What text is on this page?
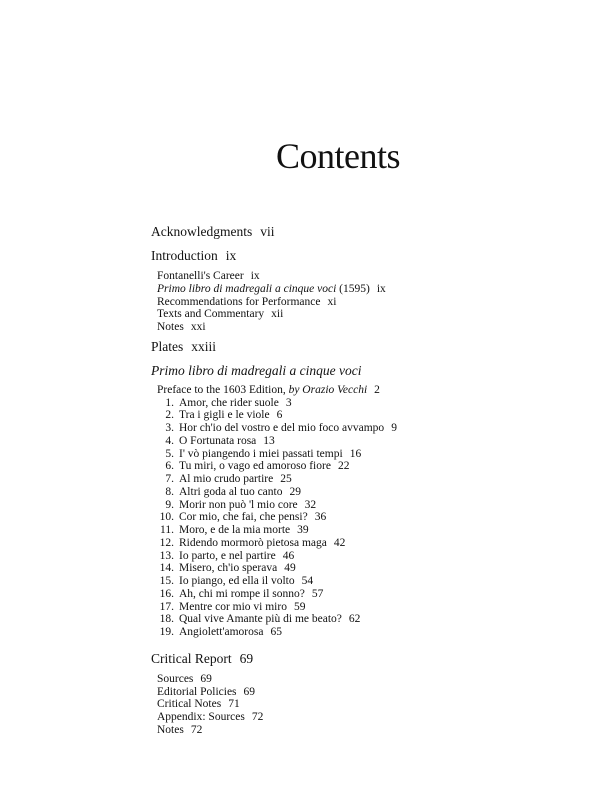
Contents
Acknowledgments vii
Introduction ix
Fontanelli's Career ix
Primo libro di madregali a cinque voci (1595) ix
Recommendations for Performance xi
Texts and Commentary xii
Notes xxi
Plates xxiii
Primo libro di madregali a cinque voci
Preface to the 1603 Edition, by Orazio Vecchi 2
1. Amor, che rider suole 3
2. Tra i gigli e le viole 6
3. Hor ch'io del vostro e del mio foco avvampo 9
4. O Fortunata rosa 13
5. I' vò piangendo i miei passati tempi 16
6. Tu miri, o vago ed amoroso fiore 22
7. Al mio crudo partire 25
8. Altri goda al tuo canto 29
9. Morir non può 'l mio core 32
10. Cor mio, che fai, che pensi? 36
11. Moro, e de la mia morte 39
12. Ridendo mormorò pietosa maga 42
13. Io parto, e nel partire 46
14. Misero, ch'io sperava 49
15. Io piango, ed ella il volto 54
16. Ah, chi mi rompe il sonno? 57
17. Mentre cor mio vi miro 59
18. Qual vive Amante più di me beato? 62
19. Angiolett'amorosa 65
Critical Report 69
Sources 69
Editorial Policies 69
Critical Notes 71
Appendix: Sources 72
Notes 72
